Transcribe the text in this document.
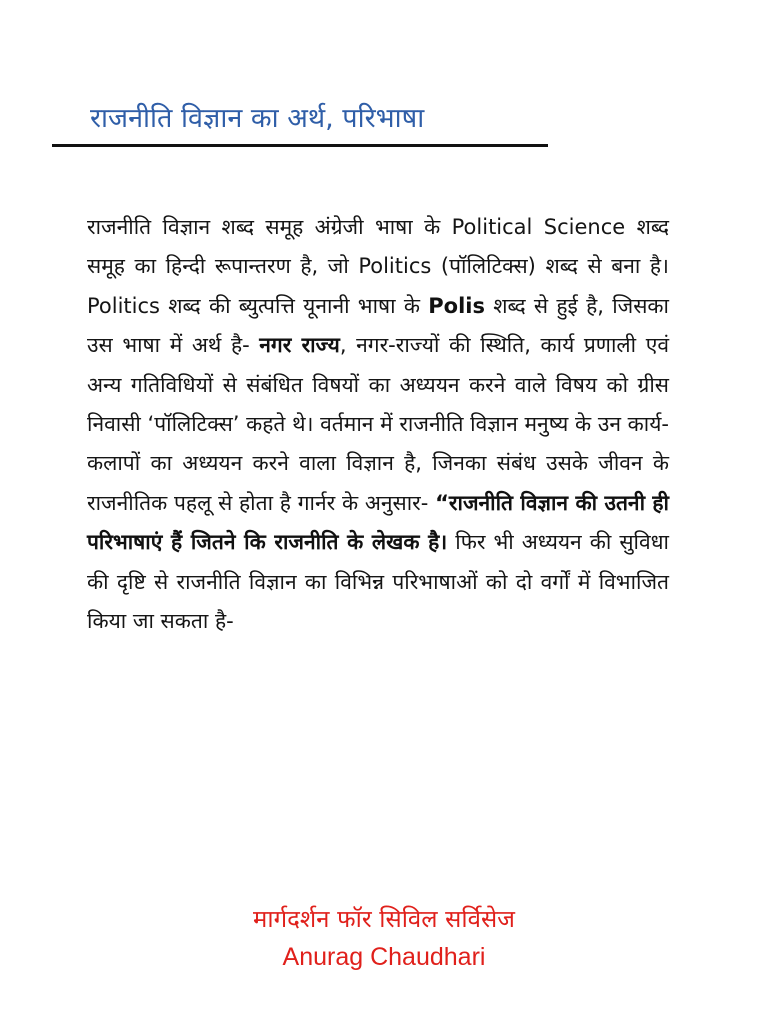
राजनीति विज्ञान का अर्थ, परिभाषा

राजनीति विज्ञान शब्द समूह अंग्रेजी भाषा के Political Science शब्द समूह का हिन्दी रूपान्तरण है, जो Politics (पॉलिटिक्स) शब्द से बना है। Politics शब्द की ब्युत्पत्ति यूनानी भाषा के Polis शब्द से हुई है, जिसका उस भाषा में अर्थ है- नगर राज्य, नगर-राज्यों की स्थिति, कार्य प्रणाली एवं अन्य गतिविधियों से संबंधित विषयों का अध्ययन करने वाले विषय को ग्रीस निवासी ‘पॉलिटिक्स’ कहते थे। वर्तमान में राजनीति विज्ञान मनुष्य के उन कार्य-कलापों का अध्ययन करने वाला विज्ञान है, जिनका संबंध उसके जीवन के राजनीतिक पहलू से होता है गार्नर के अनुसार- “राजनीति विज्ञान की उतनी ही परिभाषाएं हैं जितने कि राजनीति के लेखक है। फिर भी अध्ययन की सुविधा की दृष्टि से राजनीति विज्ञान का विभिन्न परिभाषाओं को दो वर्गों में विभाजित किया जा सकता है-

मार्गदर्शन फॉर सिविल सर्विसेज
Anurag Chaudhari
